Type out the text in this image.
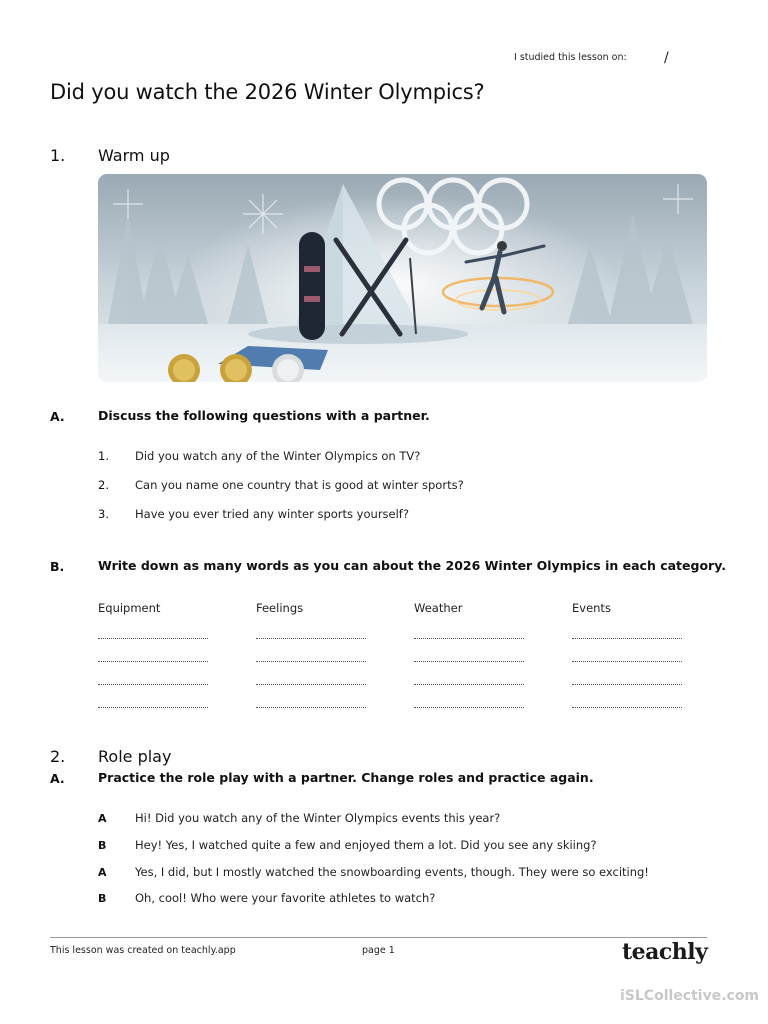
I studied this lesson on:	/
Did you watch the 2026 Winter Olympics?
1. Warm up
A.	Discuss the following questions with a partner.
1. Did you watch any of the Winter Olympics on TV?
2. Can you name one country that is good at winter sports?
3. Have you ever tried any winter sports yourself?
B.	Write down as many words as you can about the 2026 Winter Olympics in each category.
Equipment	Feelings	Weather	Events
2. Role play
A.	Practice the role play with a partner. Change roles and practice again.
A Hi! Did you watch any of the Winter Olympics events this year?
B Hey! Yes, I watched quite a few and enjoyed them a lot. Did you see any skiing?
A Yes, I did, but I mostly watched the snowboarding events, though. They were so exciting!
B Oh, cool! Who were your favorite athletes to watch?
This lesson was created on teachly.app	page 1	teachly
iSLCollective.com
